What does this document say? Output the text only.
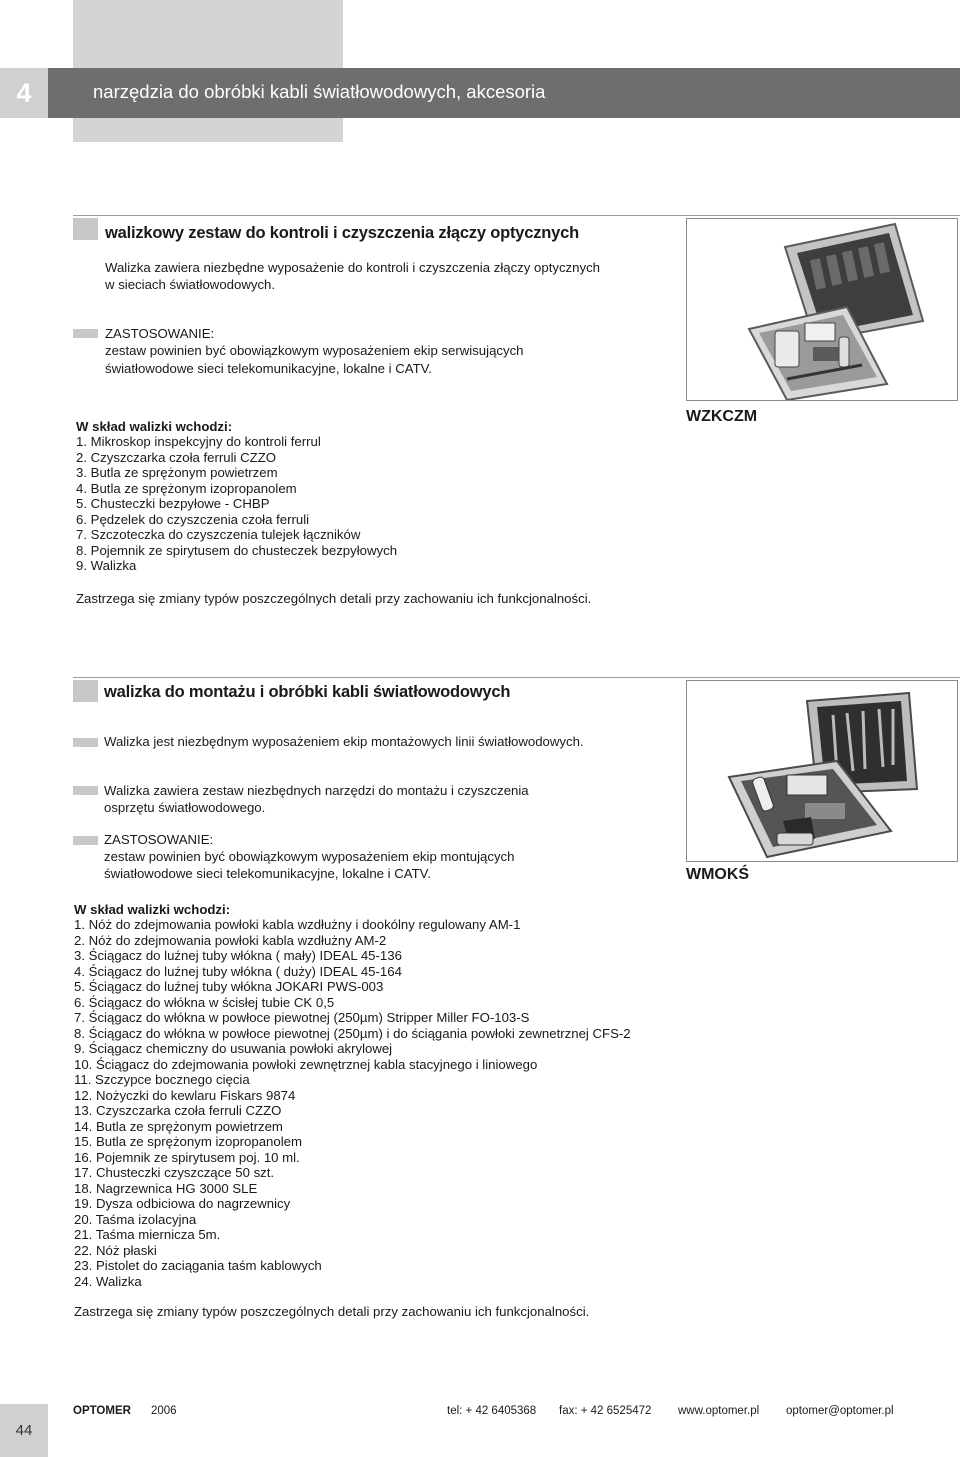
4	narzędzia do obróbki kabli światłowodowych, akcesoria
walizkowy zestaw do kontroli i czyszczenia złączy optycznych
Walizka zawiera niezbędne wyposażenie do kontroli i czyszczenia złączy optycznych
w sieciach światłowodowych.
ZASTOSOWANIE:
zestaw powinien być obowiązkowym wyposażeniem ekip serwisujących
światłowodowe sieci telekomunikacyjne, lokalne i CATV.
W skład walizki wchodzi:
1. Mikroskop inspekcyjny do kontroli ferrul
2. Czyszczarka czoła ferruli CZZO
3. Butla ze sprężonym powietrzem
4. Butla ze sprężonym izopropanolem
5. Chusteczki bezpyłowe - CHBP
6. Pędzelek do czyszczenia czoła ferruli
7. Szczoteczka do czyszczenia tulejek łączników
8. Pojemnik ze spirytusem do chusteczek bezpyłowych
9. Walizka
Zastrzega się zmiany typów poszczególnych detali przy zachowaniu ich funkcjonalności.
WZKCZM
walizka do montażu i obróbki kabli światłowodowych
Walizka jest niezbędnym wyposażeniem ekip montażowych linii światłowodowych.
Walizka zawiera zestaw niezbędnych narzędzi do montażu i czyszczenia
osprzętu światłowodowego.
ZASTOSOWANIE:
zestaw powinien być obowiązkowym wyposażeniem ekip montujących
światłowodowe sieci telekomunikacyjne, lokalne i CATV.
W skład walizki wchodzi:
1. Nóż do zdejmowania powłoki kabla wzdłużny i dookólny regulowany AM-1
2. Nóż do zdejmowania powłoki kabla wzdłużny AM-2
3. Ściągacz do luźnej tuby włókna ( mały) IDEAL 45-136
4. Ściągacz do luźnej tuby włókna ( duży) IDEAL 45-164
5. Ściągacz do luźnej tuby włókna JOKARI PWS-003
6. Ściągacz do włókna w ścisłej tubie CK 0,5
7. Ściągacz do włókna w powłoce piewotnej (250µm) Stripper Miller FO-103-S
8. Ściągacz do włókna w powłoce piewotnej (250µm) i do ściągania powłoki zewnetrznej CFS-2
9. Ściągacz chemiczny do usuwania powłoki akrylowej
10. Ściągacz do zdejmowania powłoki zewnętrznej kabla stacyjnego i liniowego
11. Szczypce bocznego cięcia
12. Nożyczki do kewlaru Fiskars 9874
13. Czyszczarka czoła ferruli CZZO
14. Butla ze sprężonym powietrzem
15. Butla ze sprężonym izopropanolem
16. Pojemnik ze spirytusem poj. 10 ml.
17. Chusteczki czyszczące 50 szt.
18. Nagrzewnica HG 3000 SLE
19. Dysza odbiciowa do nagrzewnicy
20. Taśma izolacyjna
21. Taśma miernicza 5m.
22. Nóż płaski
23. Pistolet do zaciągania taśm kablowych
24. Walizka
Zastrzega się zmiany typów poszczególnych detali przy zachowaniu ich funkcjonalności.
WMOKŚ
44
OPTOMER 2006	tel: + 42 6405368 fax: + 42 6525472 www.optomer.pl optomer@optomer.pl
